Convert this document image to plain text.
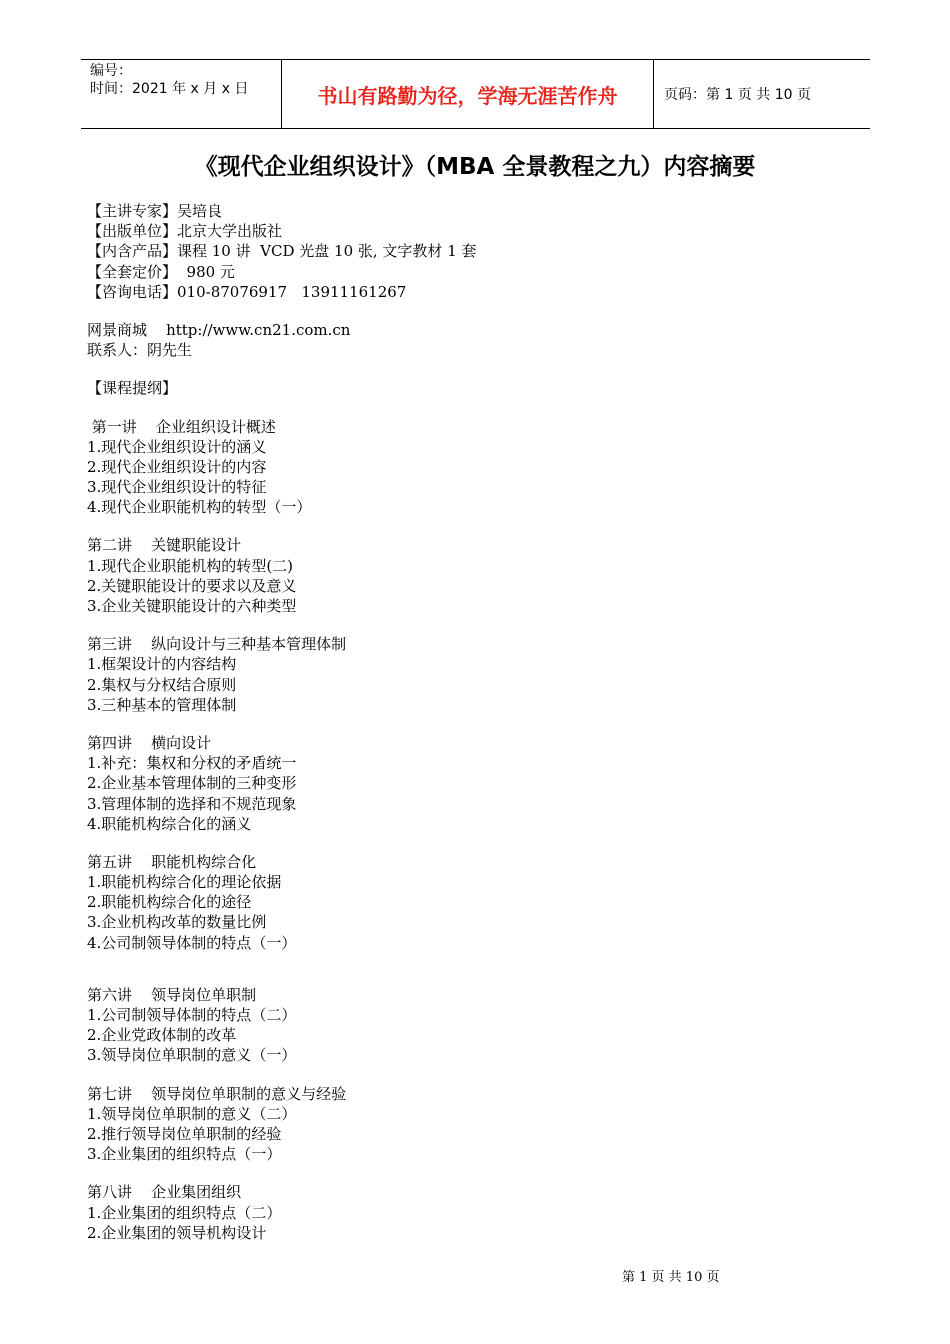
编号：
时间：2021 年 x 月 x 日	书山有路勤为径，学海无涯苦作舟	页码：第 1 页 共 10 页
《现代企业组织设计》（MBA 全景教程之九）内容摘要
【主讲专家】吴培良
【出版单位】北京大学出版社
【内含产品】课程 10 讲  VCD 光盘 10 张, 文字教材 1 套
【全套定价】  980 元
【咨询电话】010-87076917   13911161267
网景商城    http://www.cn21.com.cn
联系人：阴先生
【课程提纲】
第一讲    企业组织设计概述
1.现代企业组织设计的涵义
2.现代企业组织设计的内容
3.现代企业组织设计的特征
4.现代企业职能机构的转型（一）
第二讲    关键职能设计
1.现代企业职能机构的转型(二)
2.关键职能设计的要求以及意义
3.企业关键职能设计的六种类型
第三讲    纵向设计与三种基本管理体制
1.框架设计的内容结构
2.集权与分权结合原则
3.三种基本的管理体制
第四讲    横向设计
1.补充：集权和分权的矛盾统一
2.企业基本管理体制的三种变形
3.管理体制的选择和不规范现象
4.职能机构综合化的涵义
第五讲    职能机构综合化
1.职能机构综合化的理论依据
2.职能机构综合化的途径
3.企业机构改革的数量比例
4.公司制领导体制的特点（一）
第六讲    领导岗位单职制
1.公司制领导体制的特点（二）
2.企业党政体制的改革
3.领导岗位单职制的意义（一）
第七讲    领导岗位单职制的意义与经验
1.领导岗位单职制的意义（二）
2.推行领导岗位单职制的经验
3.企业集团的组织特点（一）
第八讲    企业集团组织
1.企业集团的组织特点（二）
2.企业集团的领导机构设计
第 1 页 共 10 页
